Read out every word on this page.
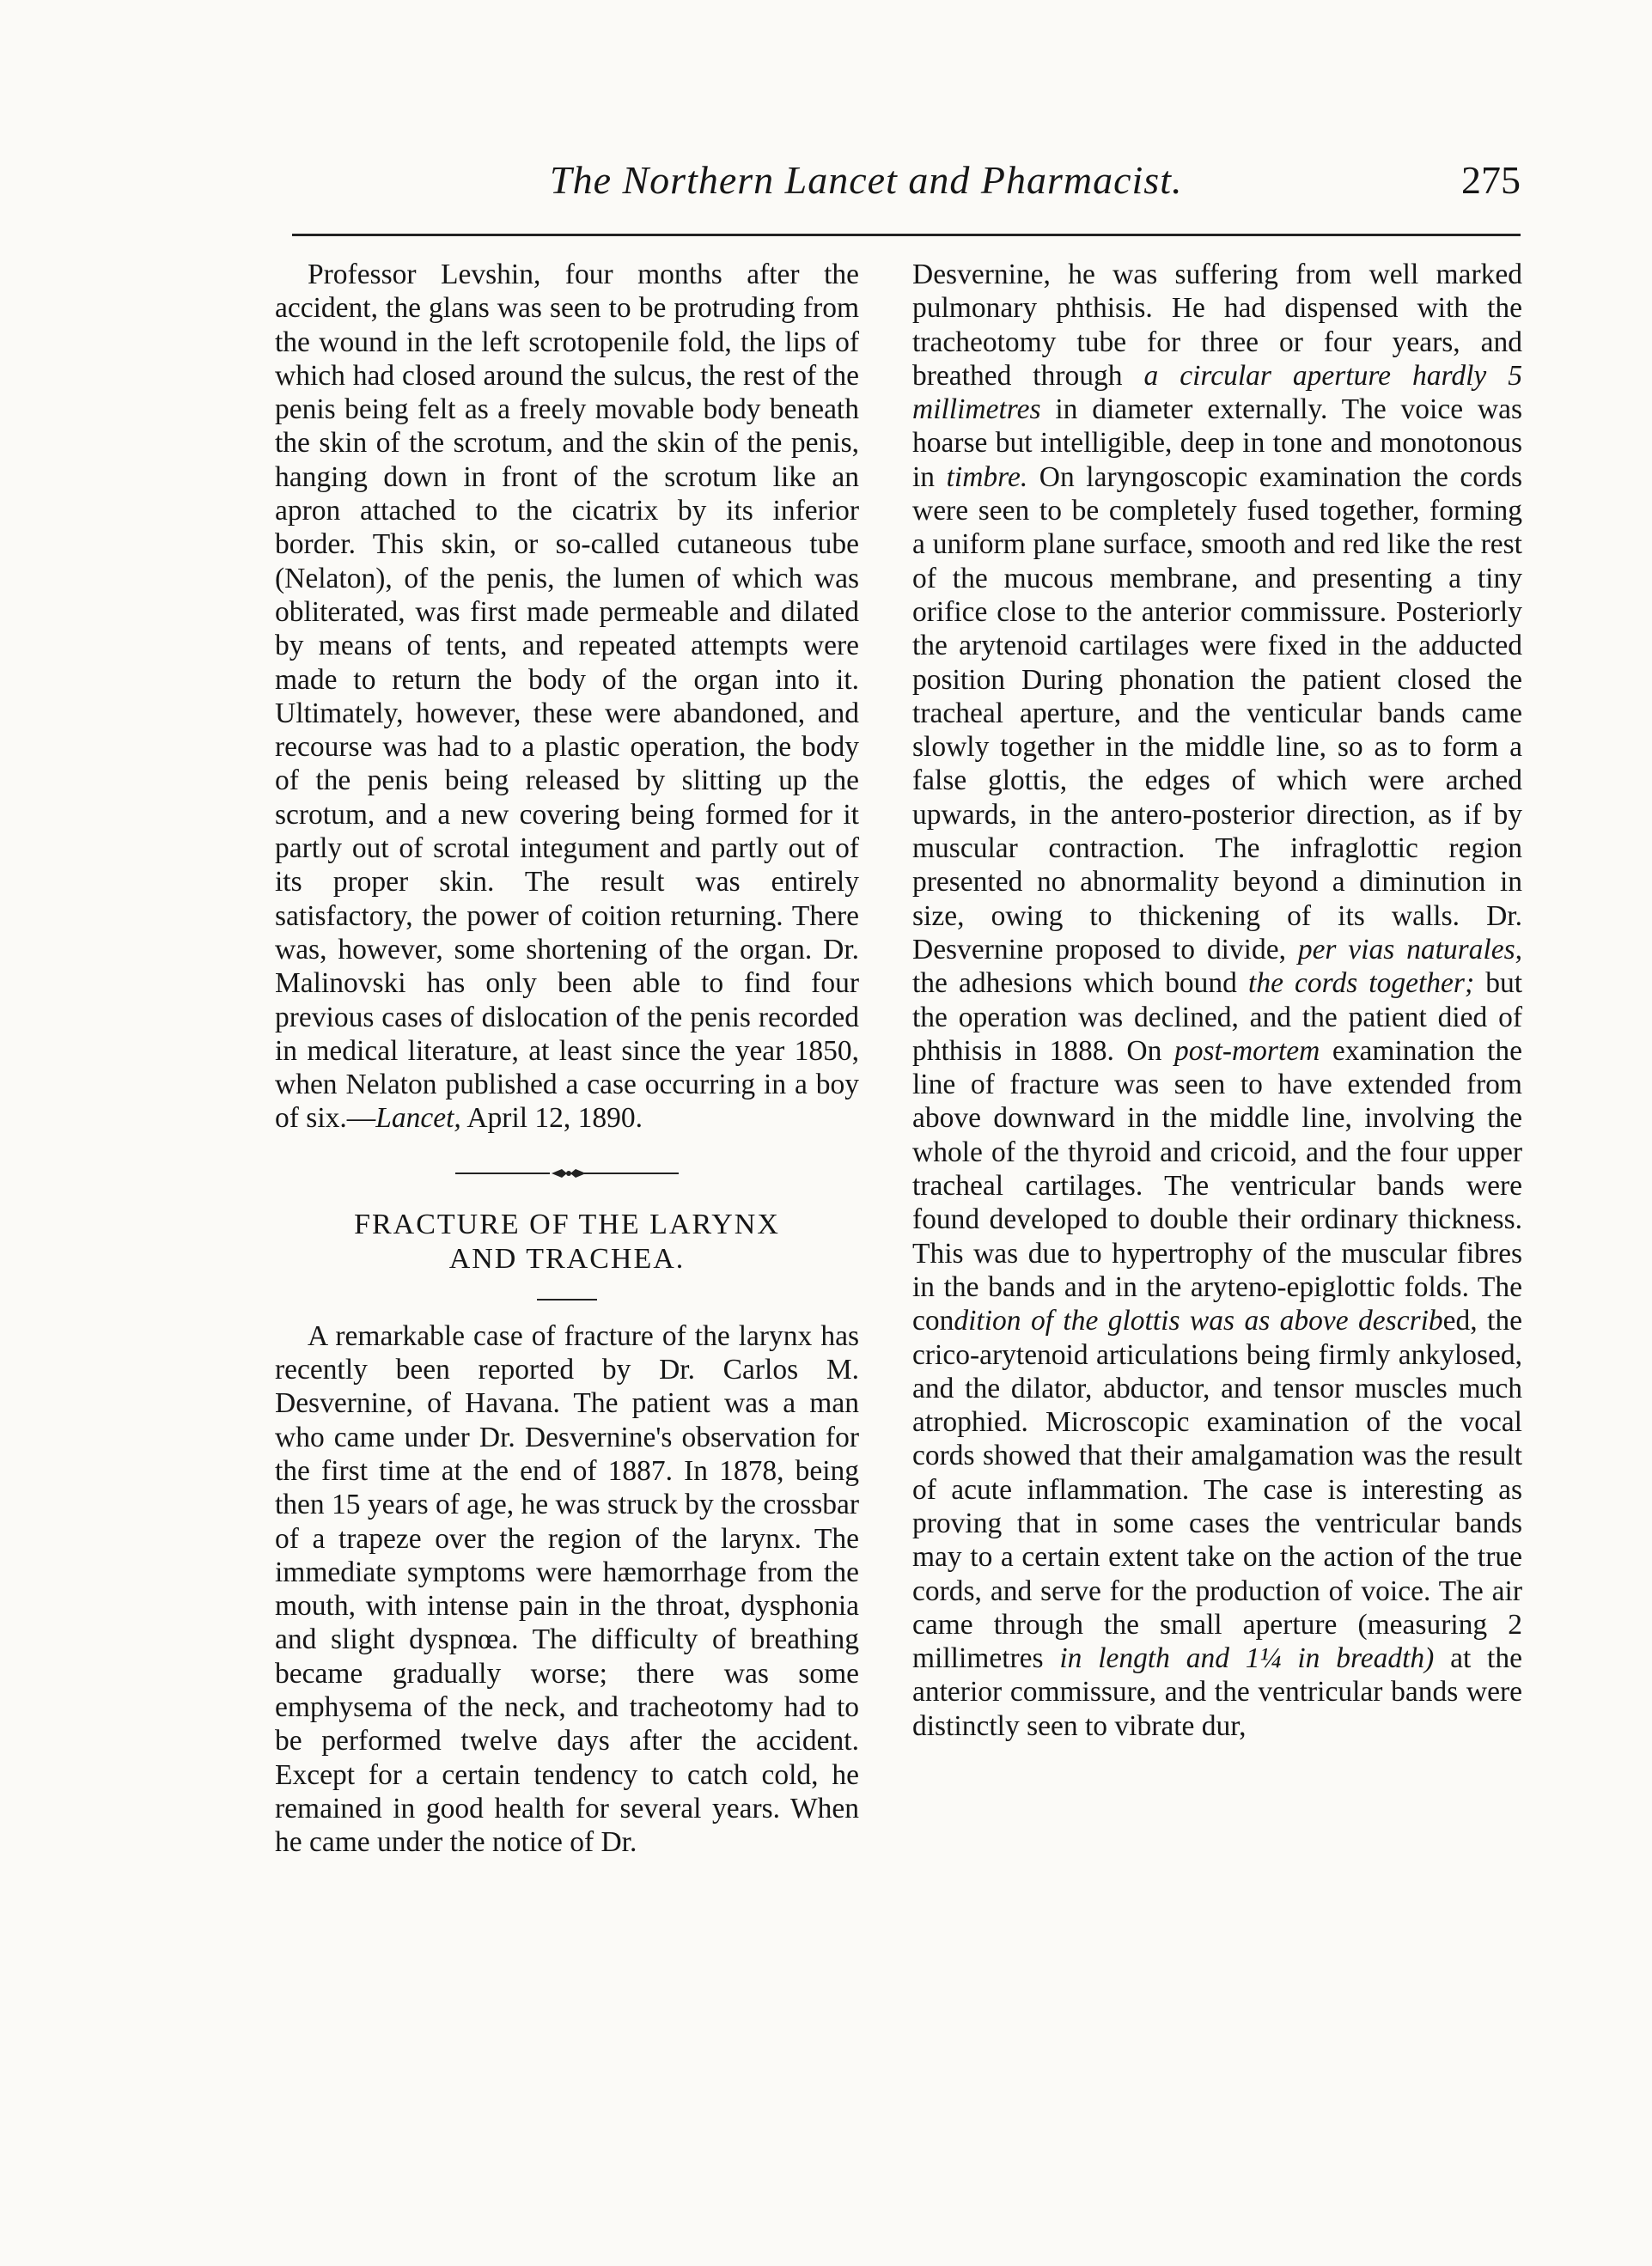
The Northern Lancet and Pharmacist.	275

Professor Levshin, four months after the accident, the glans was seen to be protruding from the wound in the left scrotopenile fold, the lips of which had closed around the sulcus, the rest of the penis being felt as a freely movable body beneath the skin of the scrotum, and the skin of the penis, hanging down in front of the scrotum like an apron attached to the cicatrix by its inferior border. This skin, or so-called cutaneous tube (Nelaton), of the penis, the lumen of which was obliterated, was first made permeable and dilated by means of tents, and repeated attempts were made to return the body of the organ into it. Ultimately, however, these were abandoned, and recourse was had to a plastic operation, the body of the penis being released by slitting up the scrotum, and a new covering being formed for it partly out of scrotal integument and partly out of its proper skin. The result was entirely satisfactory, the power of coition returning. There was, however, some shortening of the organ. Dr. Malinovski has only been able to find four previous cases of dislocation of the penis recorded in medical literature, at least since the year 1850, when Nelaton published a case occurring in a boy of six.—Lancet, April 12, 1890.

FRACTURE OF THE LARYNX
AND TRACHEA.

A remarkable case of fracture of the larynx has recently been reported by Dr. Carlos M. Desvernine, of Havana. The patient was a man who came under Dr. Desvernine's observation for the first time at the end of 1887. In 1878, being then 15 years of age, he was struck by the crossbar of a trapeze over the region of the larynx. The immediate symptoms were hæmorrhage from the mouth, with intense pain in the throat, dysphonia and slight dyspnœa. The difficulty of breathing became gradually worse; there was some emphysema of the neck, and tracheotomy had to be performed twelve days after the accident. Except for a certain tendency to catch cold, he remained in good health for several years. When he came under the notice of Dr.

Desvernine, he was suffering from well marked pulmonary phthisis. He had dispensed with the tracheotomy tube for three or four years, and breathed through a circular aperture hardly 5 millimetres in diameter externally. The voice was hoarse but intelligible, deep in tone and monotonous in timbre. On laryngoscopic examination the cords were seen to be completely fused together, forming a uniform plane surface, smooth and red like the rest of the mucous membrane, and presenting a tiny orifice close to the anterior commissure. Posteriorly the arytenoid cartilages were fixed in the adducted position During phonation the patient closed the tracheal aperture, and the venticular bands came slowly together in the middle line, so as to form a false glottis, the edges of which were arched upwards, in the antero-posterior direction, as if by muscular contraction. The infraglottic region presented no abnormality beyond a diminution in size, owing to thickening of its walls. Dr. Desvernine proposed to divide, per vias naturales, the adhesions which bound the cords together; but the operation was declined, and the patient died of phthisis in 1888. On post-mortem examination the line of fracture was seen to have extended from above downward in the middle line, involving the whole of the thyroid and cricoid, and the four upper tracheal cartilages. The ventricular bands were found developed to double their ordinary thickness. This was due to hypertrophy of the muscular fibres in the bands and in the aryteno-epiglottic folds. The condition of the glottis was as above described, the crico-arytenoid articulations being firmly ankylosed, and the dilator, abductor, and tensor muscles much atrophied. Microscopic examination of the vocal cords showed that their amalgamation was the result of acute inflammation. The case is interesting as proving that in some cases the ventricular bands may to a certain extent take on the action of the true cords, and serve for the production of voice. The air came through the small aperture (measuring 2 millimetres in length and 1¼ in breadth) at the anterior commissure, and the ventricular bands were distinctly seen to vibrate dur,
